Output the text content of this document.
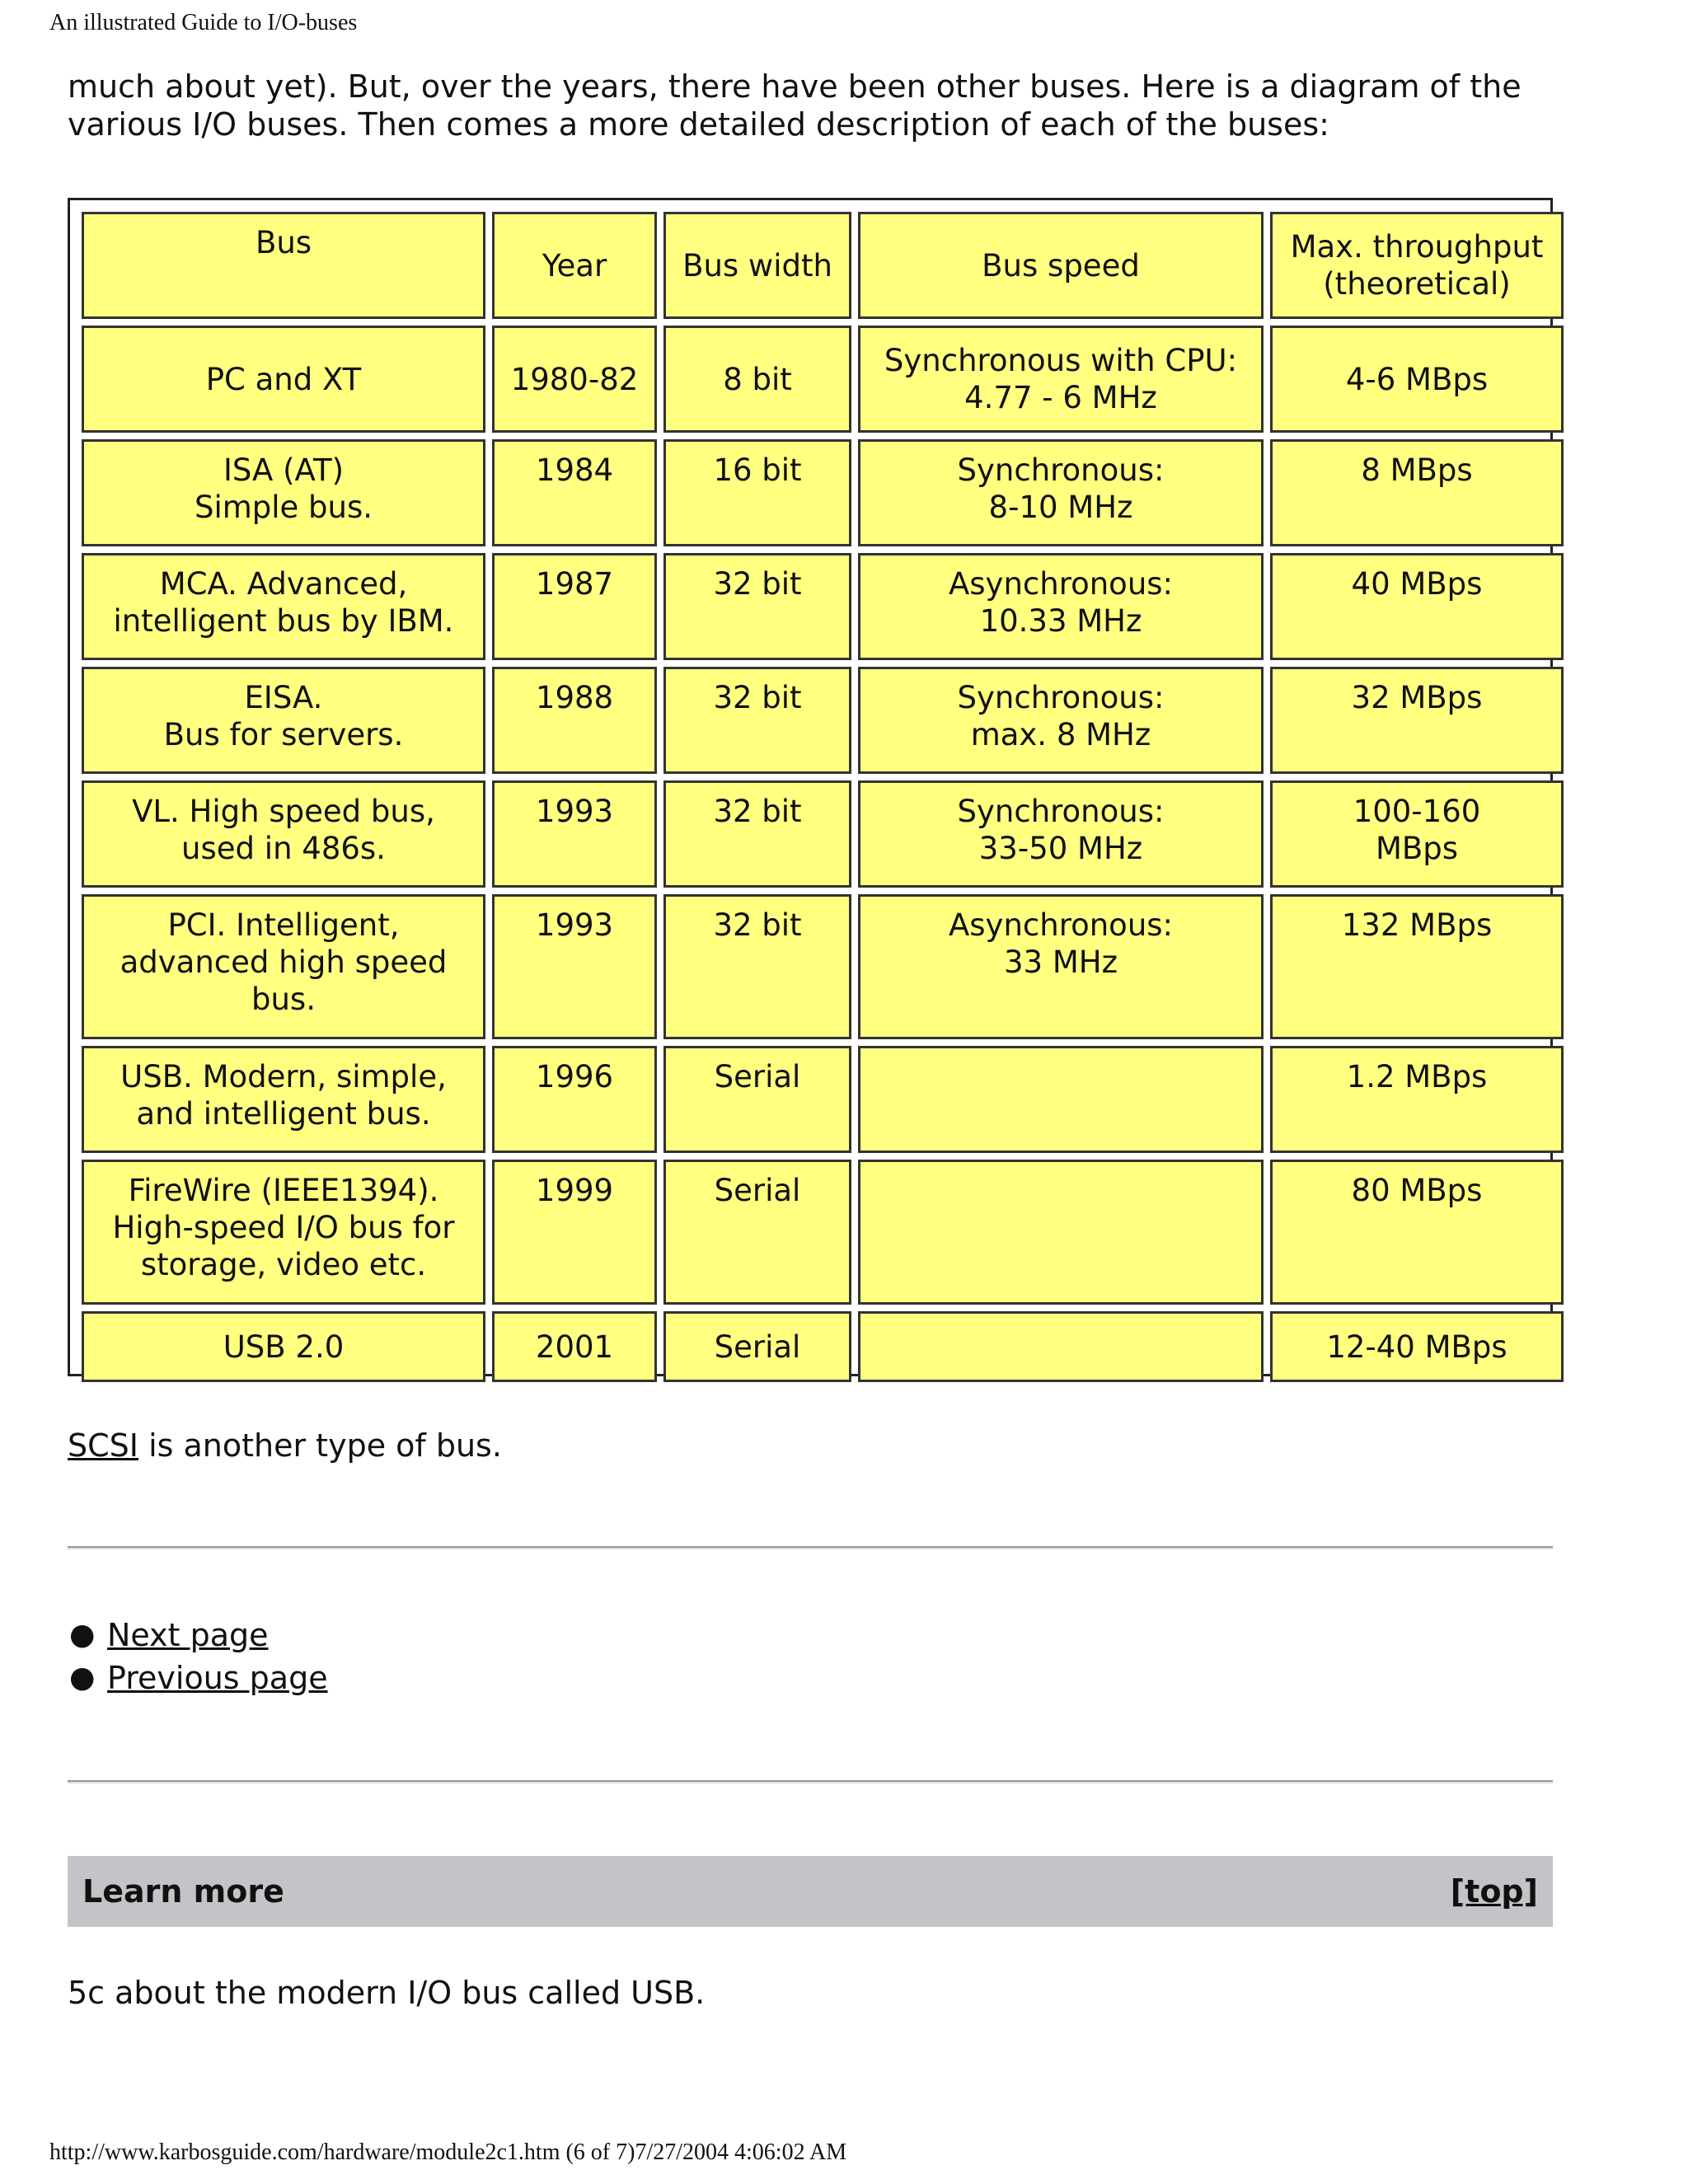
An illustrated Guide to I/O-buses

much about yet). But, over the years, there have been other buses. Here is a diagram of the various I/O buses. Then comes a more detailed description of each of the buses:

Bus	Year	Bus width	Bus speed	Max. throughput
(theoretical)

PC and XT	1980-82	8 bit	Synchronous with CPU:
4.77 - 6 MHz	4-6 MBps

ISA (AT)
Simple bus.	1984	16 bit	Synchronous:
8-10 MHz	8 MBps

MCA. Advanced,
intelligent bus by IBM.	1987	32 bit	Asynchronous:
10.33 MHz	40 MBps

EISA.
Bus for servers.	1988	32 bit	Synchronous:
max. 8 MHz	32 MBps

VL. High speed bus,
used in 486s.	1993	32 bit	Synchronous:
33-50 MHz	100-160
MBps

PCI. Intelligent,
advanced high speed
bus.	1993	32 bit	Asynchronous:
33 MHz	132 MBps

USB. Modern, simple,
and intelligent bus.	1996	Serial		1.2 MBps

FireWire (IEEE1394).
High-speed I/O bus for
storage, video etc.	1999	Serial		80 MBps

USB 2.0	2001	Serial		12-40 MBps
SCSI is another type of bus.
● Next page
● Previous page
Learn more	[top]
5c about the modern I/O bus called USB.
http://www.karbosguide.com/hardware/module2c1.htm (6 of 7)7/27/2004 4:06:02 AM
